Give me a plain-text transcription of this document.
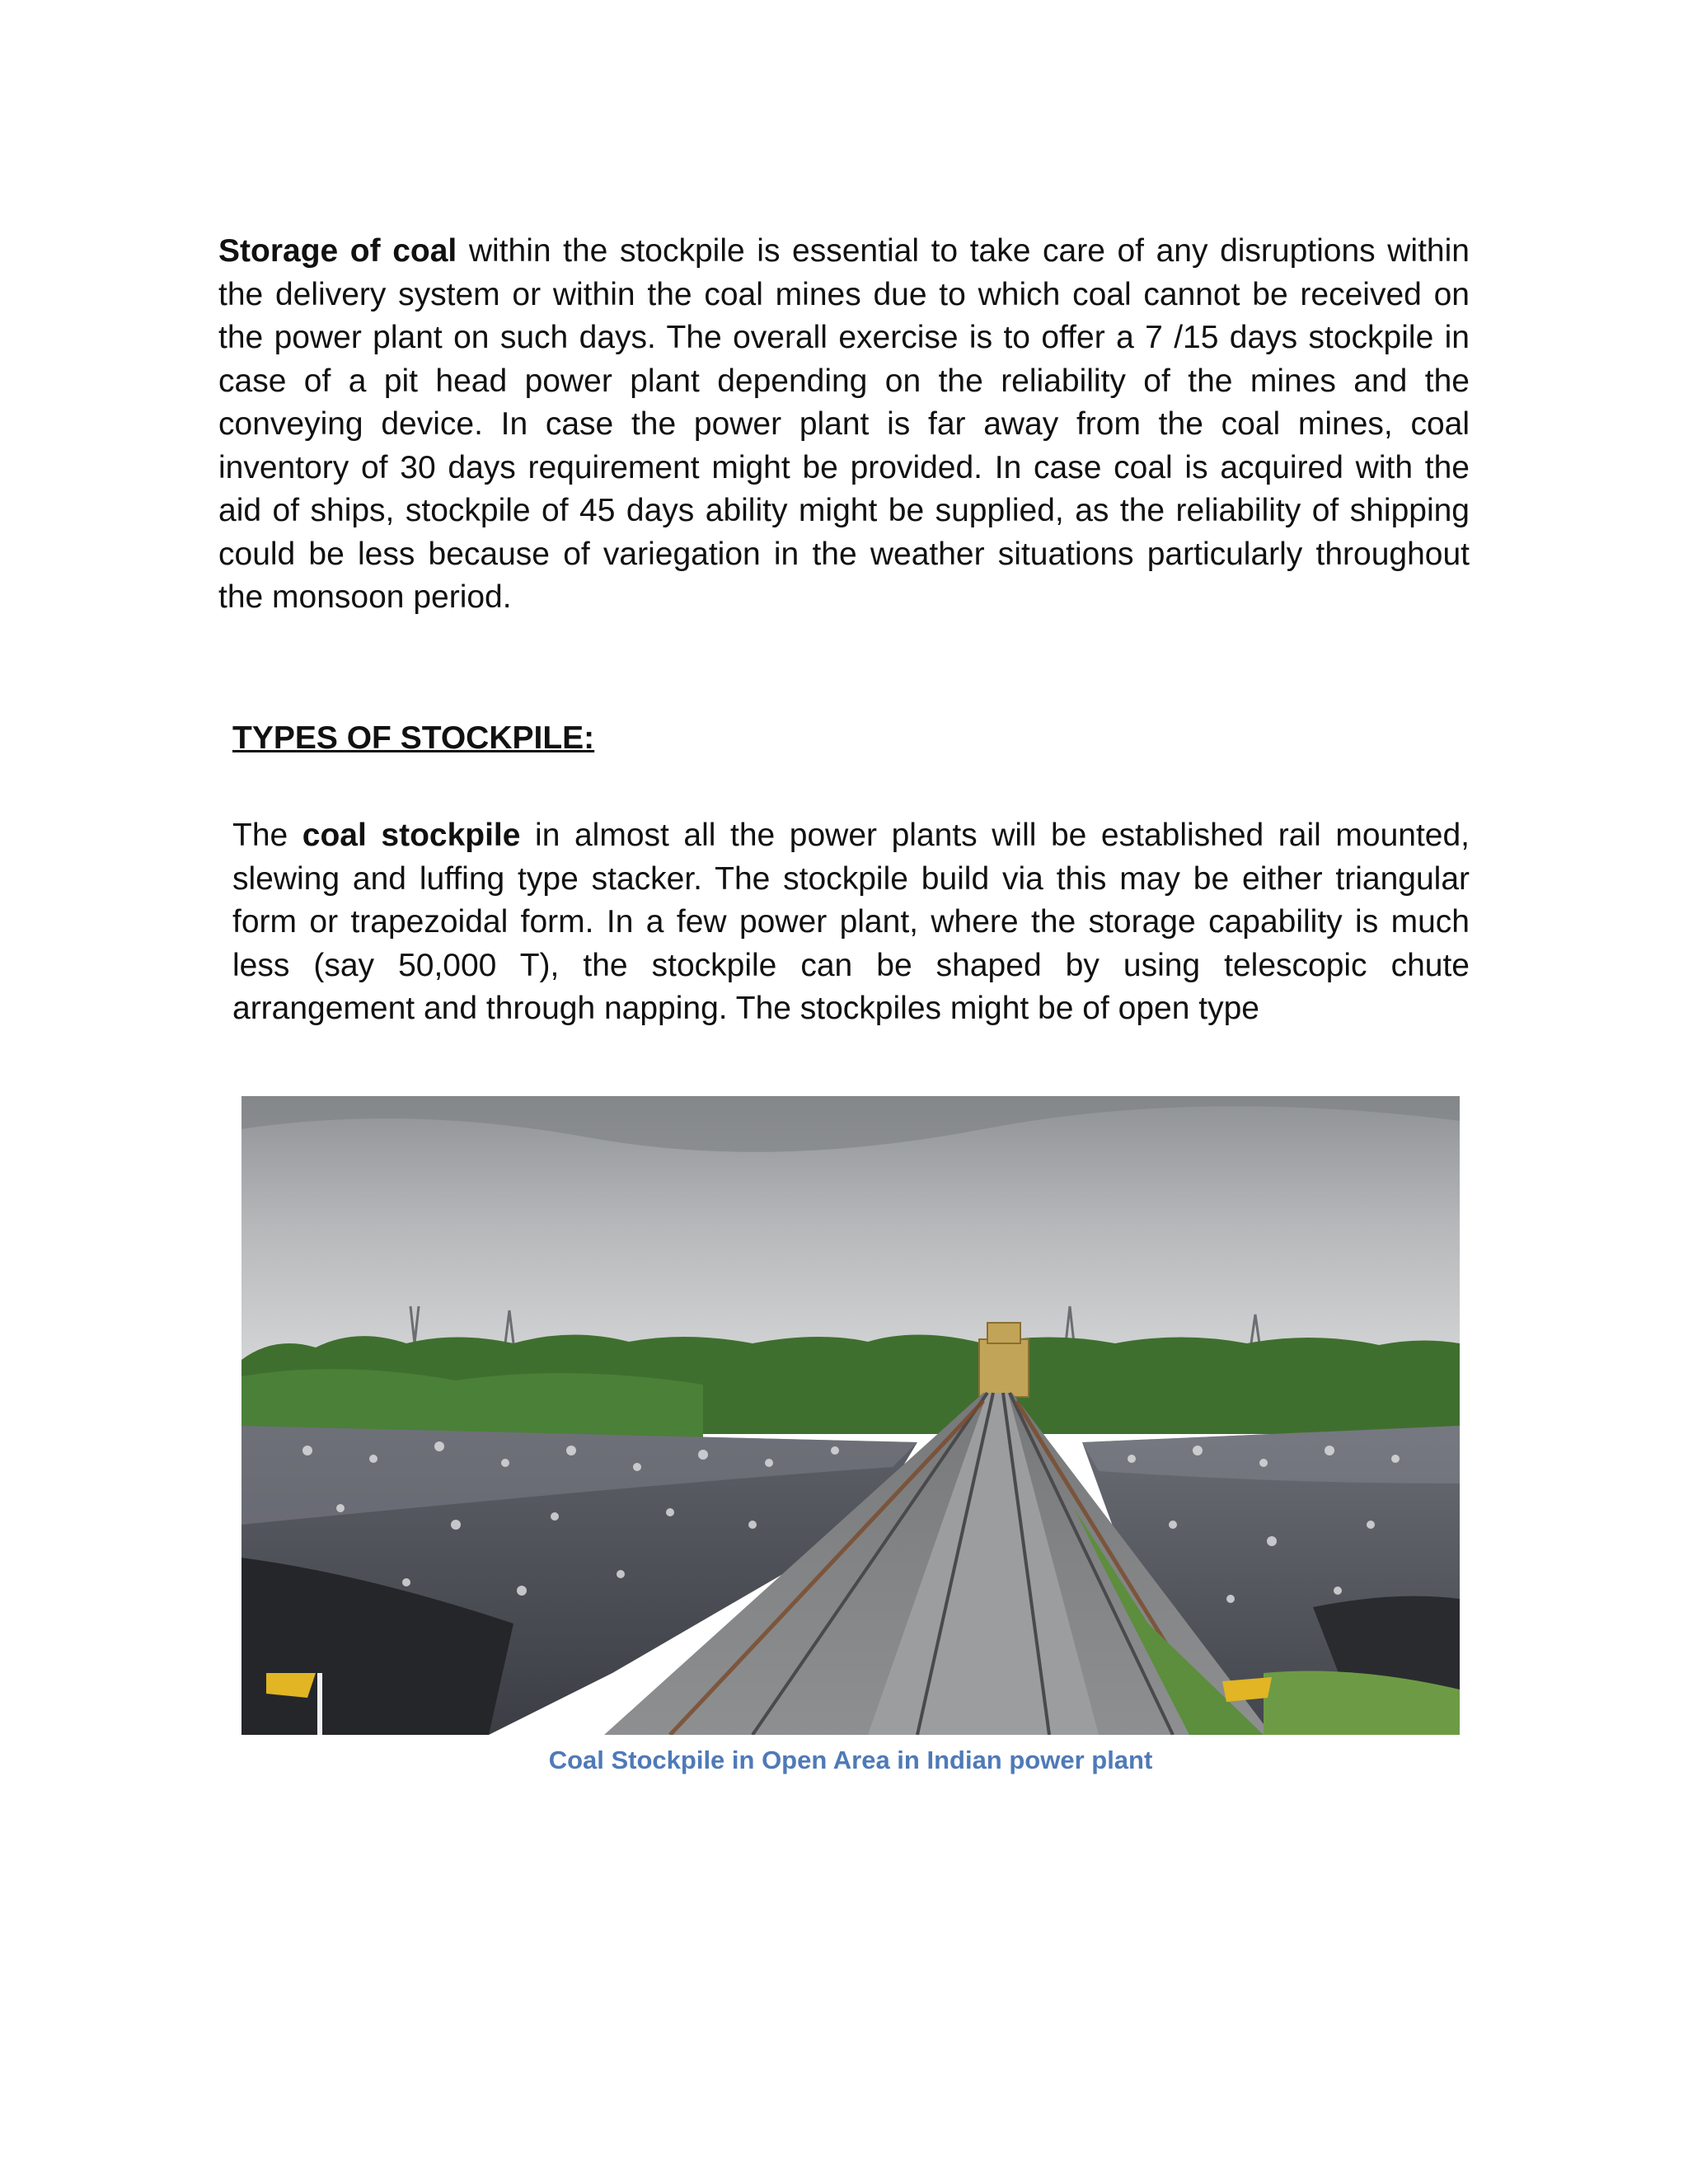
Storage of coal within the stockpile is essential to take care of any disruptions within the delivery system or within the coal mines due to which coal cannot be received on the power plant on such days. The overall exercise is to offer a 7 /15 days stockpile in case of a pit head power plant depending on the reliability of the mines and the conveying device. In case the power plant is far away from the coal mines, coal inventory of 30 days requirement might be provided. In case coal is acquired with the aid of ships, stockpile of 45 days ability might be supplied, as the reliability of shipping could be less because of variegation in the weather situations particularly throughout the monsoon period.

TYPES OF STOCKPILE:

The coal stockpile in almost all the power plants will be established rail mounted, slewing and luffing type stacker. The stockpile build via this may be either triangular form or trapezoidal form. In a few power plant, where the storage capability is much less (say 50,000 T), the stockpile can be shaped by using telescopic chute arrangement and through napping. The stockpiles might be of open type

Coal Stockpile in Open Area in Indian power plant
